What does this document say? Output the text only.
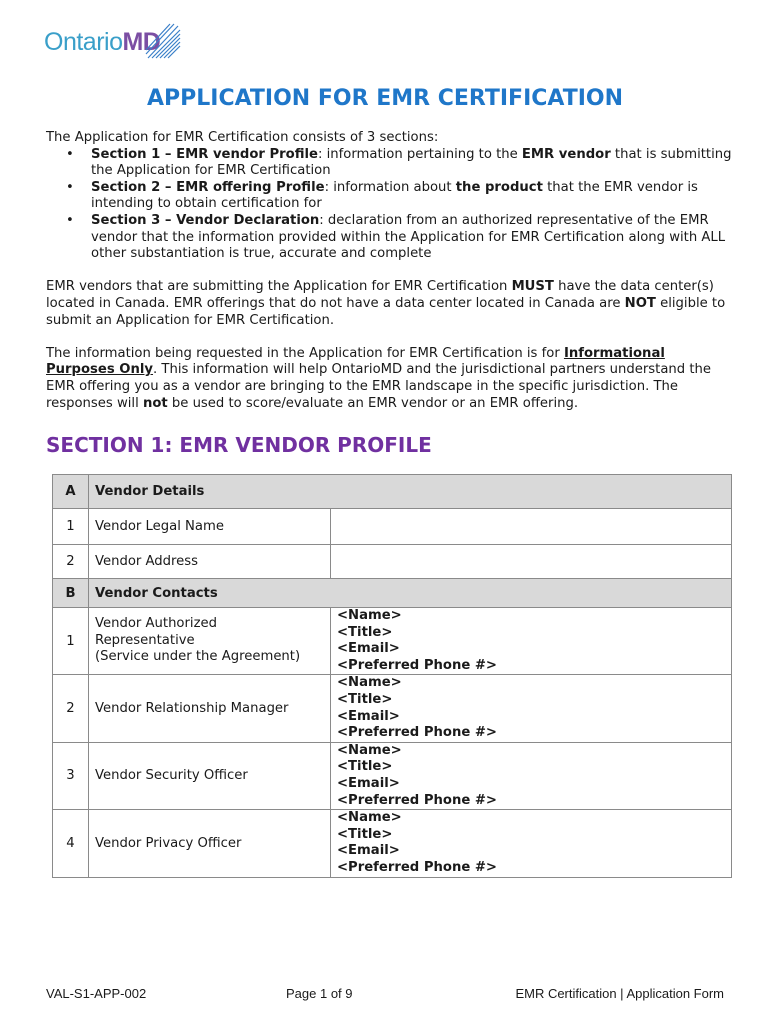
OntarioMD
APPLICATION FOR EMR CERTIFICATION

The Application for EMR Certification consists of 3 sections:

• Section 1 – EMR vendor Profile: information pertaining to the EMR vendor that is submitting the Application for EMR Certification
• Section 2 – EMR offering Profile: information about the product that the EMR vendor is intending to obtain certification for
• Section 3 – Vendor Declaration: declaration from an authorized representative of the EMR vendor that the information provided within the Application for EMR Certification along with ALL other substantiation is true, accurate and complete

EMR vendors that are submitting the Application for EMR Certification MUST have the data center(s) located in Canada. EMR offerings that do not have a data center located in Canada are NOT eligible to submit an Application for EMR Certification.

The information being requested in the Application for EMR Certification is for Informational Purposes Only. This information will help OntarioMD and the jurisdictional partners understand the EMR offering you as a vendor are bringing to the EMR landscape in the specific jurisdiction. The responses will not be used to score/evaluate an EMR vendor or an EMR offering.

SECTION 1: EMR VENDOR PROFILE
A	Vendor Details	
1	Vendor Legal Name	
2	Vendor Address	
B	Vendor Contacts	
1	Vendor Authorized
Representative
(Service under the Agreement)	<Name>
<Title>
<Email>
<Preferred Phone #>
2	Vendor Relationship Manager	<Name>
<Title>
<Email>
<Preferred Phone #>
3	Vendor Security Officer	<Name>
<Title>
<Email>
<Preferred Phone #>
4	Vendor Privacy Officer	<Name>
<Title>
<Email>
<Preferred Phone #>
VAL-S1-APP-002	Page 1 of 9	EMR Certification | Application Form
